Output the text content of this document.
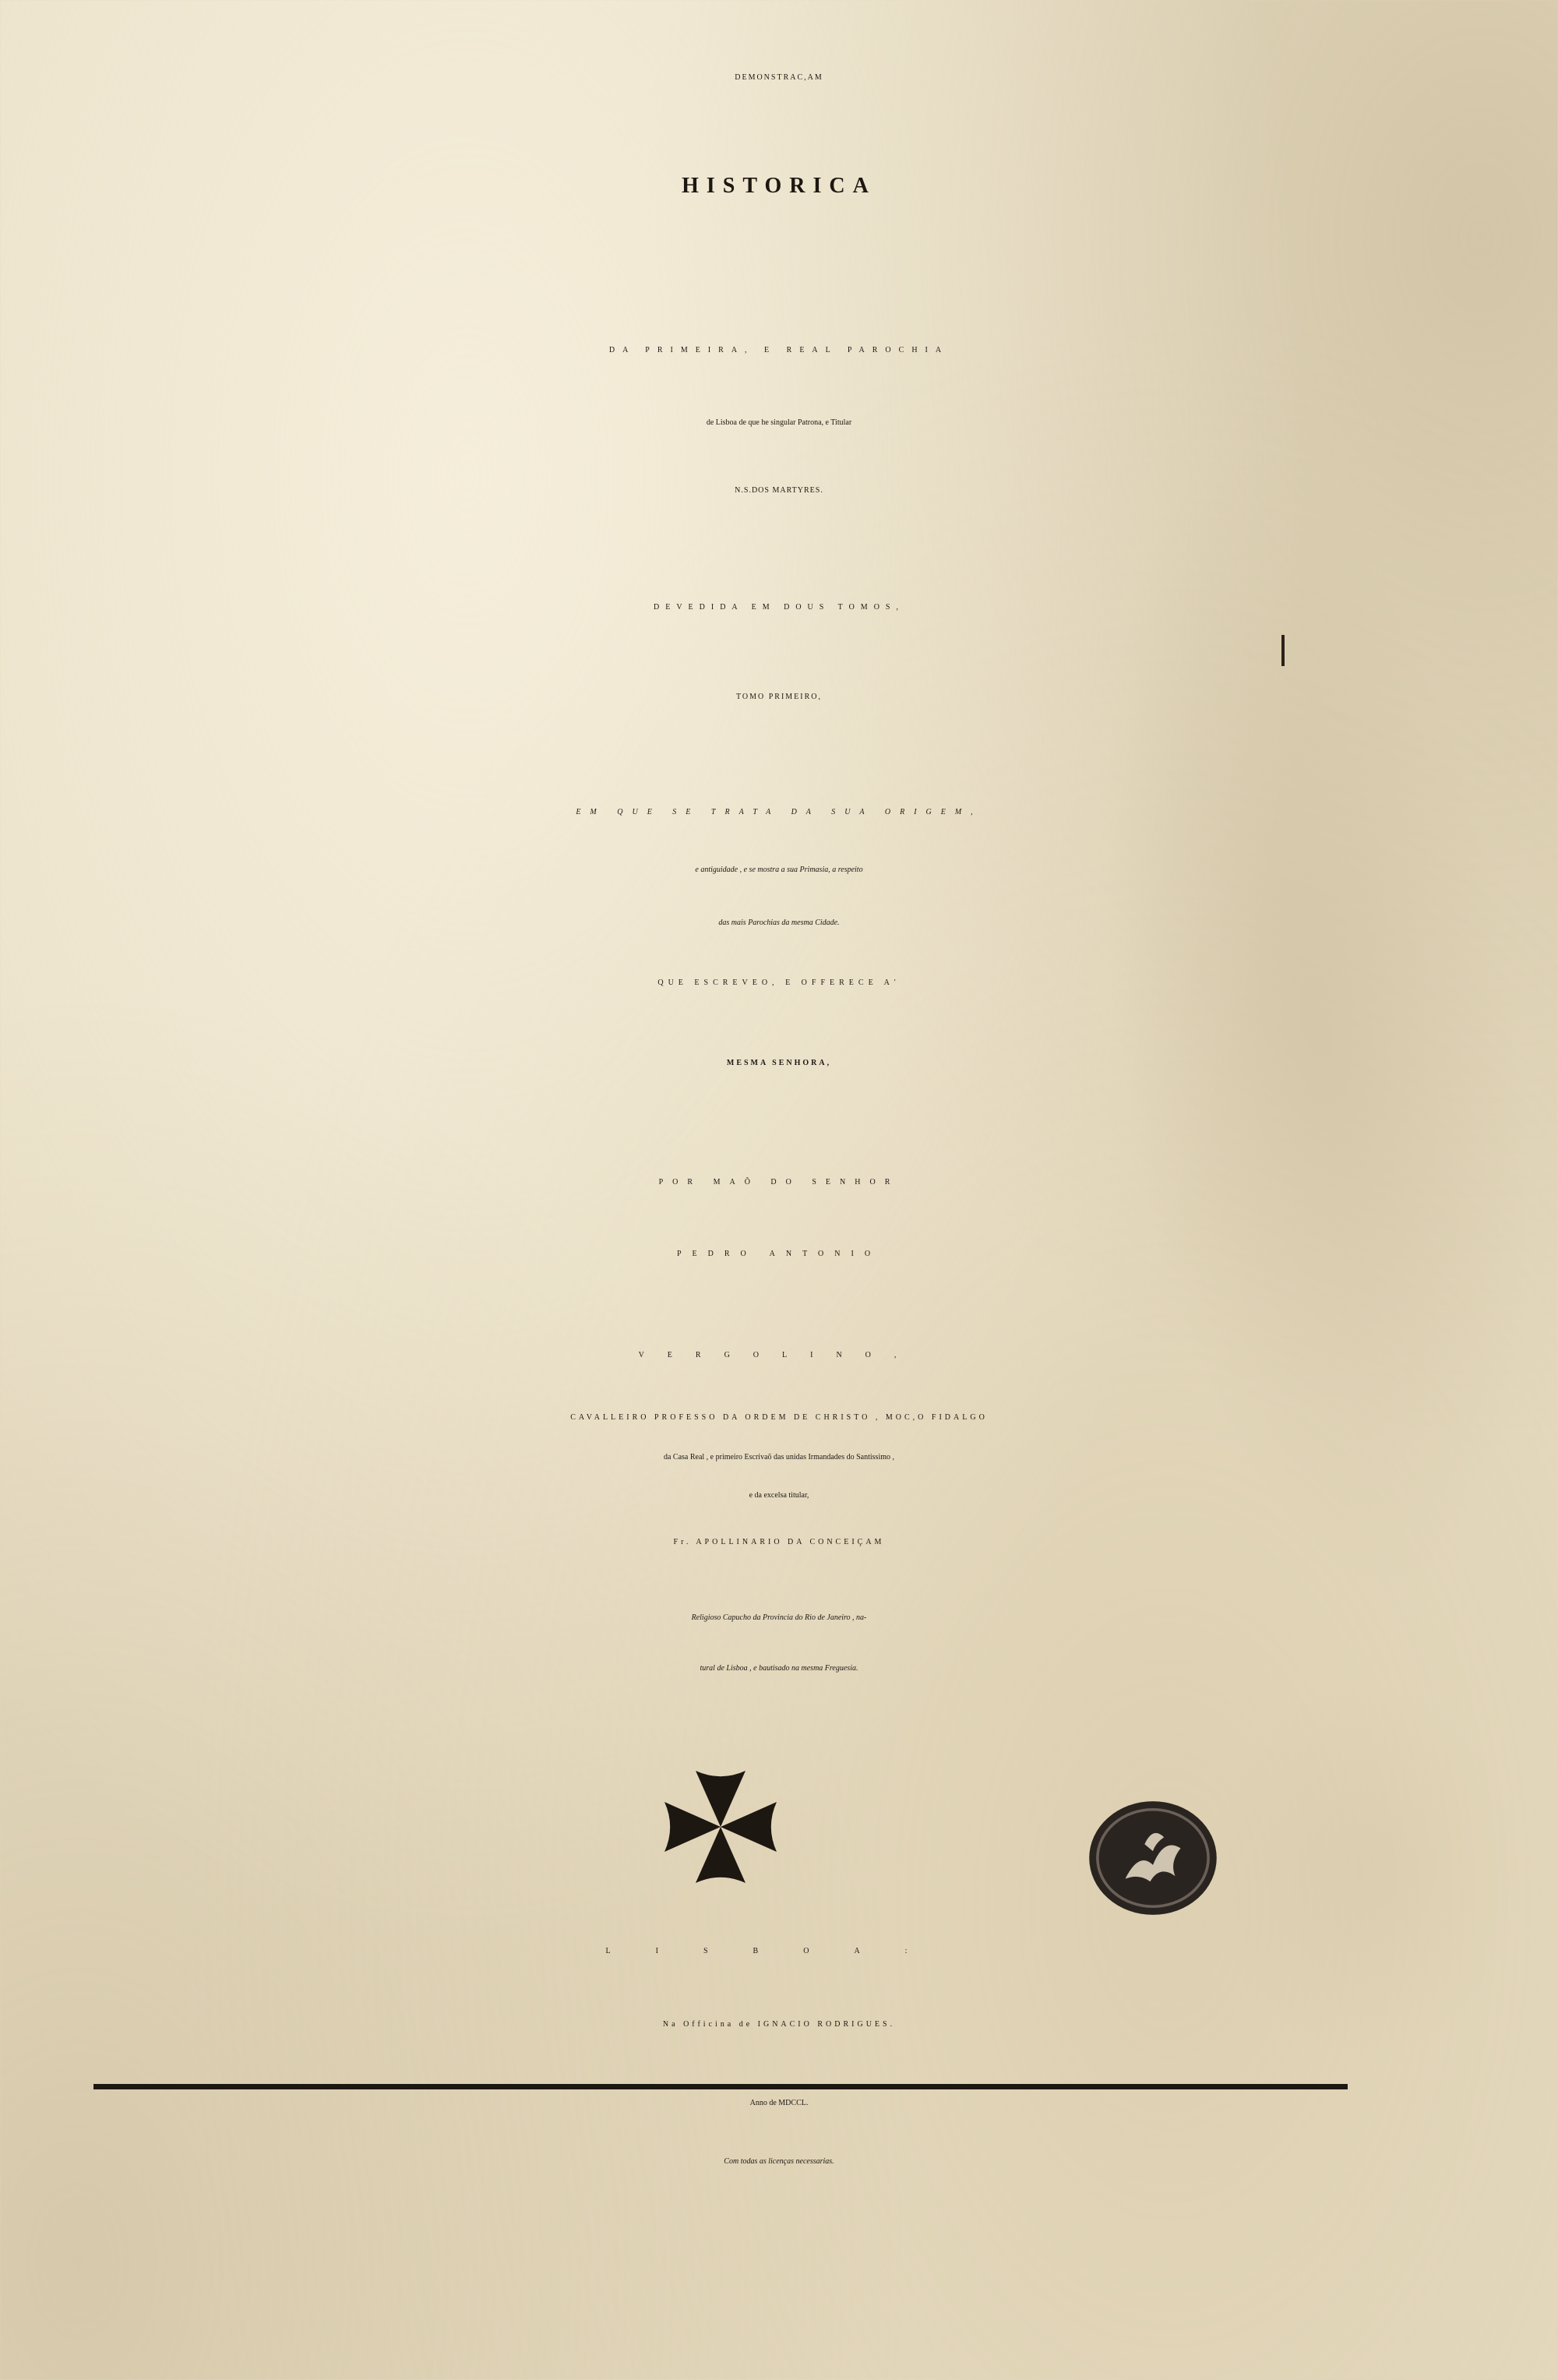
DEMONSTRAC,AM
HISTORICA
DA PRIMEIRA, E REAL PAROCHIA
de Lisboa de que he singular Patrona, e Titular
N.S.DOS MARTYRES.
DEVEDIDA EM DOUS TOMOS,
TOMO PRIMEIRO,
EM QUE SE TRATA DA SUA ORIGEM,
e antiguidade , e se mostra a sua Primasia, a respeito
das mais Parochias da mesma Cidade.
QUE ESCREVEO, E OFFERECE A'
MESMA SENHORA,
POR MAÕ DO SENHOR
PEDRO ANTONIO
VERGOLINO,
CAVALLEIRO PROFESSO DA ORDEM DE CHRISTO , MOC,O FIDALGO
da Casa Real , e primeiro Escrivaõ das unidas Irmandades do Santissimo ,
e da excelsa titular,
Fr. APOLLINARIO DA CONCEIÇAM
Religioso Capucho da Provincia do Rio de Janeiro , na-
tural de Lisboa , e bautisado na mesma Freguesia.
LISBOA:
Na Officina de IGNACIO RODRIGUES.
Anno de MDCCL.
Com todas as licenças necessarias.
